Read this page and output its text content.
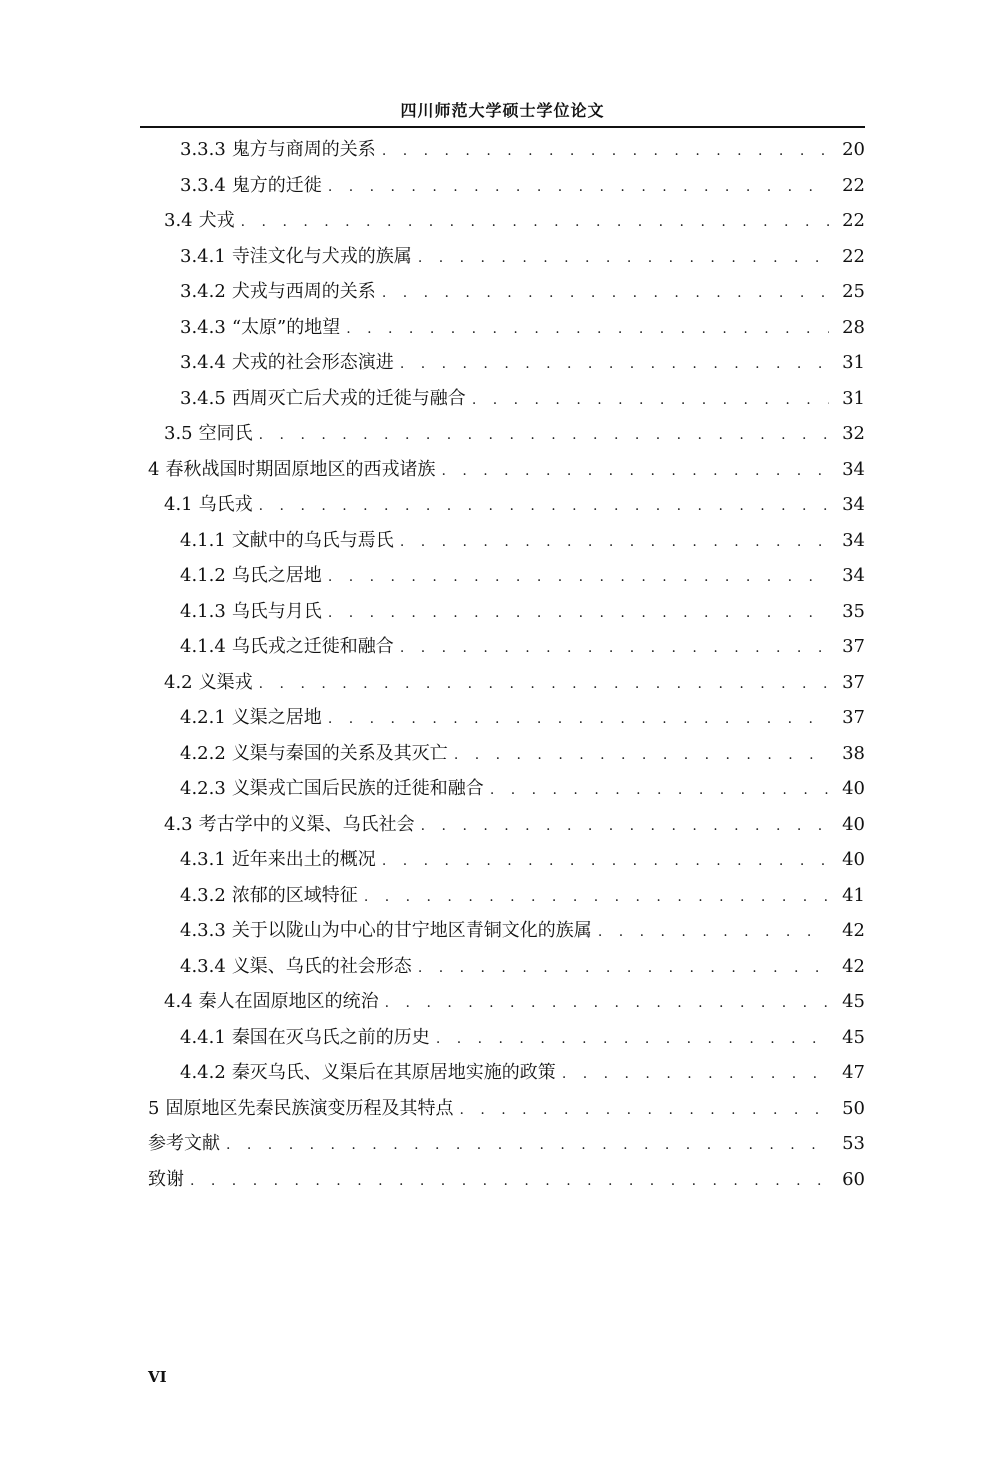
四川师范大学硕士学位论文
3.3.3 鬼方与商周的关系 . . .	20
3.3.4 鬼方的迁徙 . . .	22
3.4 犬戎 . . .	22
3.4.1 寺洼文化与犬戎的族属 . . .	22
3.4.2 犬戎与西周的关系 . . .	25
3.4.3 “太原”的地望 . . .	28
3.4.4 犬戎的社会形态演进 . . .	31
3.4.5 西周灭亡后犬戎的迁徙与融合 . . .	31
3.5 空同氏 . . .	32
4 春秋战国时期固原地区的西戎诸族 . . .	34
4.1 乌氏戎 . . .	34
4.1.1 文献中的乌氏与焉氏 . . .	34
4.1.2 乌氏之居地 . . .	34
4.1.3 乌氏与月氏 . . .	35
4.1.4 乌氏戎之迁徙和融合 . . .	37
4.2 义渠戎 . . .	37
4.2.1 义渠之居地 . . .	37
4.2.2 义渠与秦国的关系及其灭亡 . . .	38
4.2.3 义渠戎亡国后民族的迁徙和融合 . . .	40
4.3 考古学中的义渠、乌氏社会 . . .	40
4.3.1 近年来出土的概况 . . .	40
4.3.2 浓郁的区域特征 . . .	41
4.3.3 关于以陇山为中心的甘宁地区青铜文化的族属 . . .	42
4.3.4 义渠、乌氏的社会形态 . . .	42
4.4 秦人在固原地区的统治 . . .	45
4.4.1 秦国在灭乌氏之前的历史 . . .	45
4.4.2 秦灭乌氏、义渠后在其原居地实施的政策 . . .	47
5 固原地区先秦民族演变历程及其特点 . . .	50
参考文献 . . .	53
致谢 . . .	60
VI
